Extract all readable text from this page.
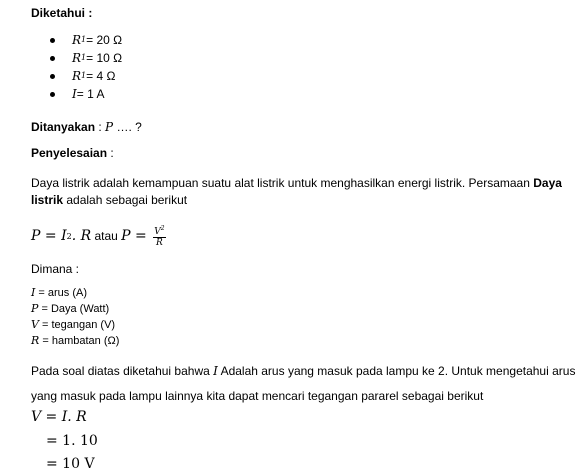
Diketahui :
R 1 = 20 Ω
R 1 = 10 Ω
R 1 = 4 Ω
I = 1 A
Ditanyakan : P …. ?
Penyelesaian :
Daya listrik adalah kemampuan suatu alat listrik untuk menghasilkan energi listrik. Persamaan Daya
listrik adalah sebagai berikut
P = I 2 . R atau $P = \frac{V^2}{R}$
Dimana :
I = arus (A)
P = Daya (Watt)
V = tegangan (V)
R = hambatan (Ω)
Pada soal diatas diketahui bahwa I Adalah arus yang masuk pada lampu ke 2. Untuk mengetahui arus
yang masuk pada lampu lainnya kita dapat mencari tegangan pararel sebagai berikut
V = I. R
= 1. 10
= 10 V
